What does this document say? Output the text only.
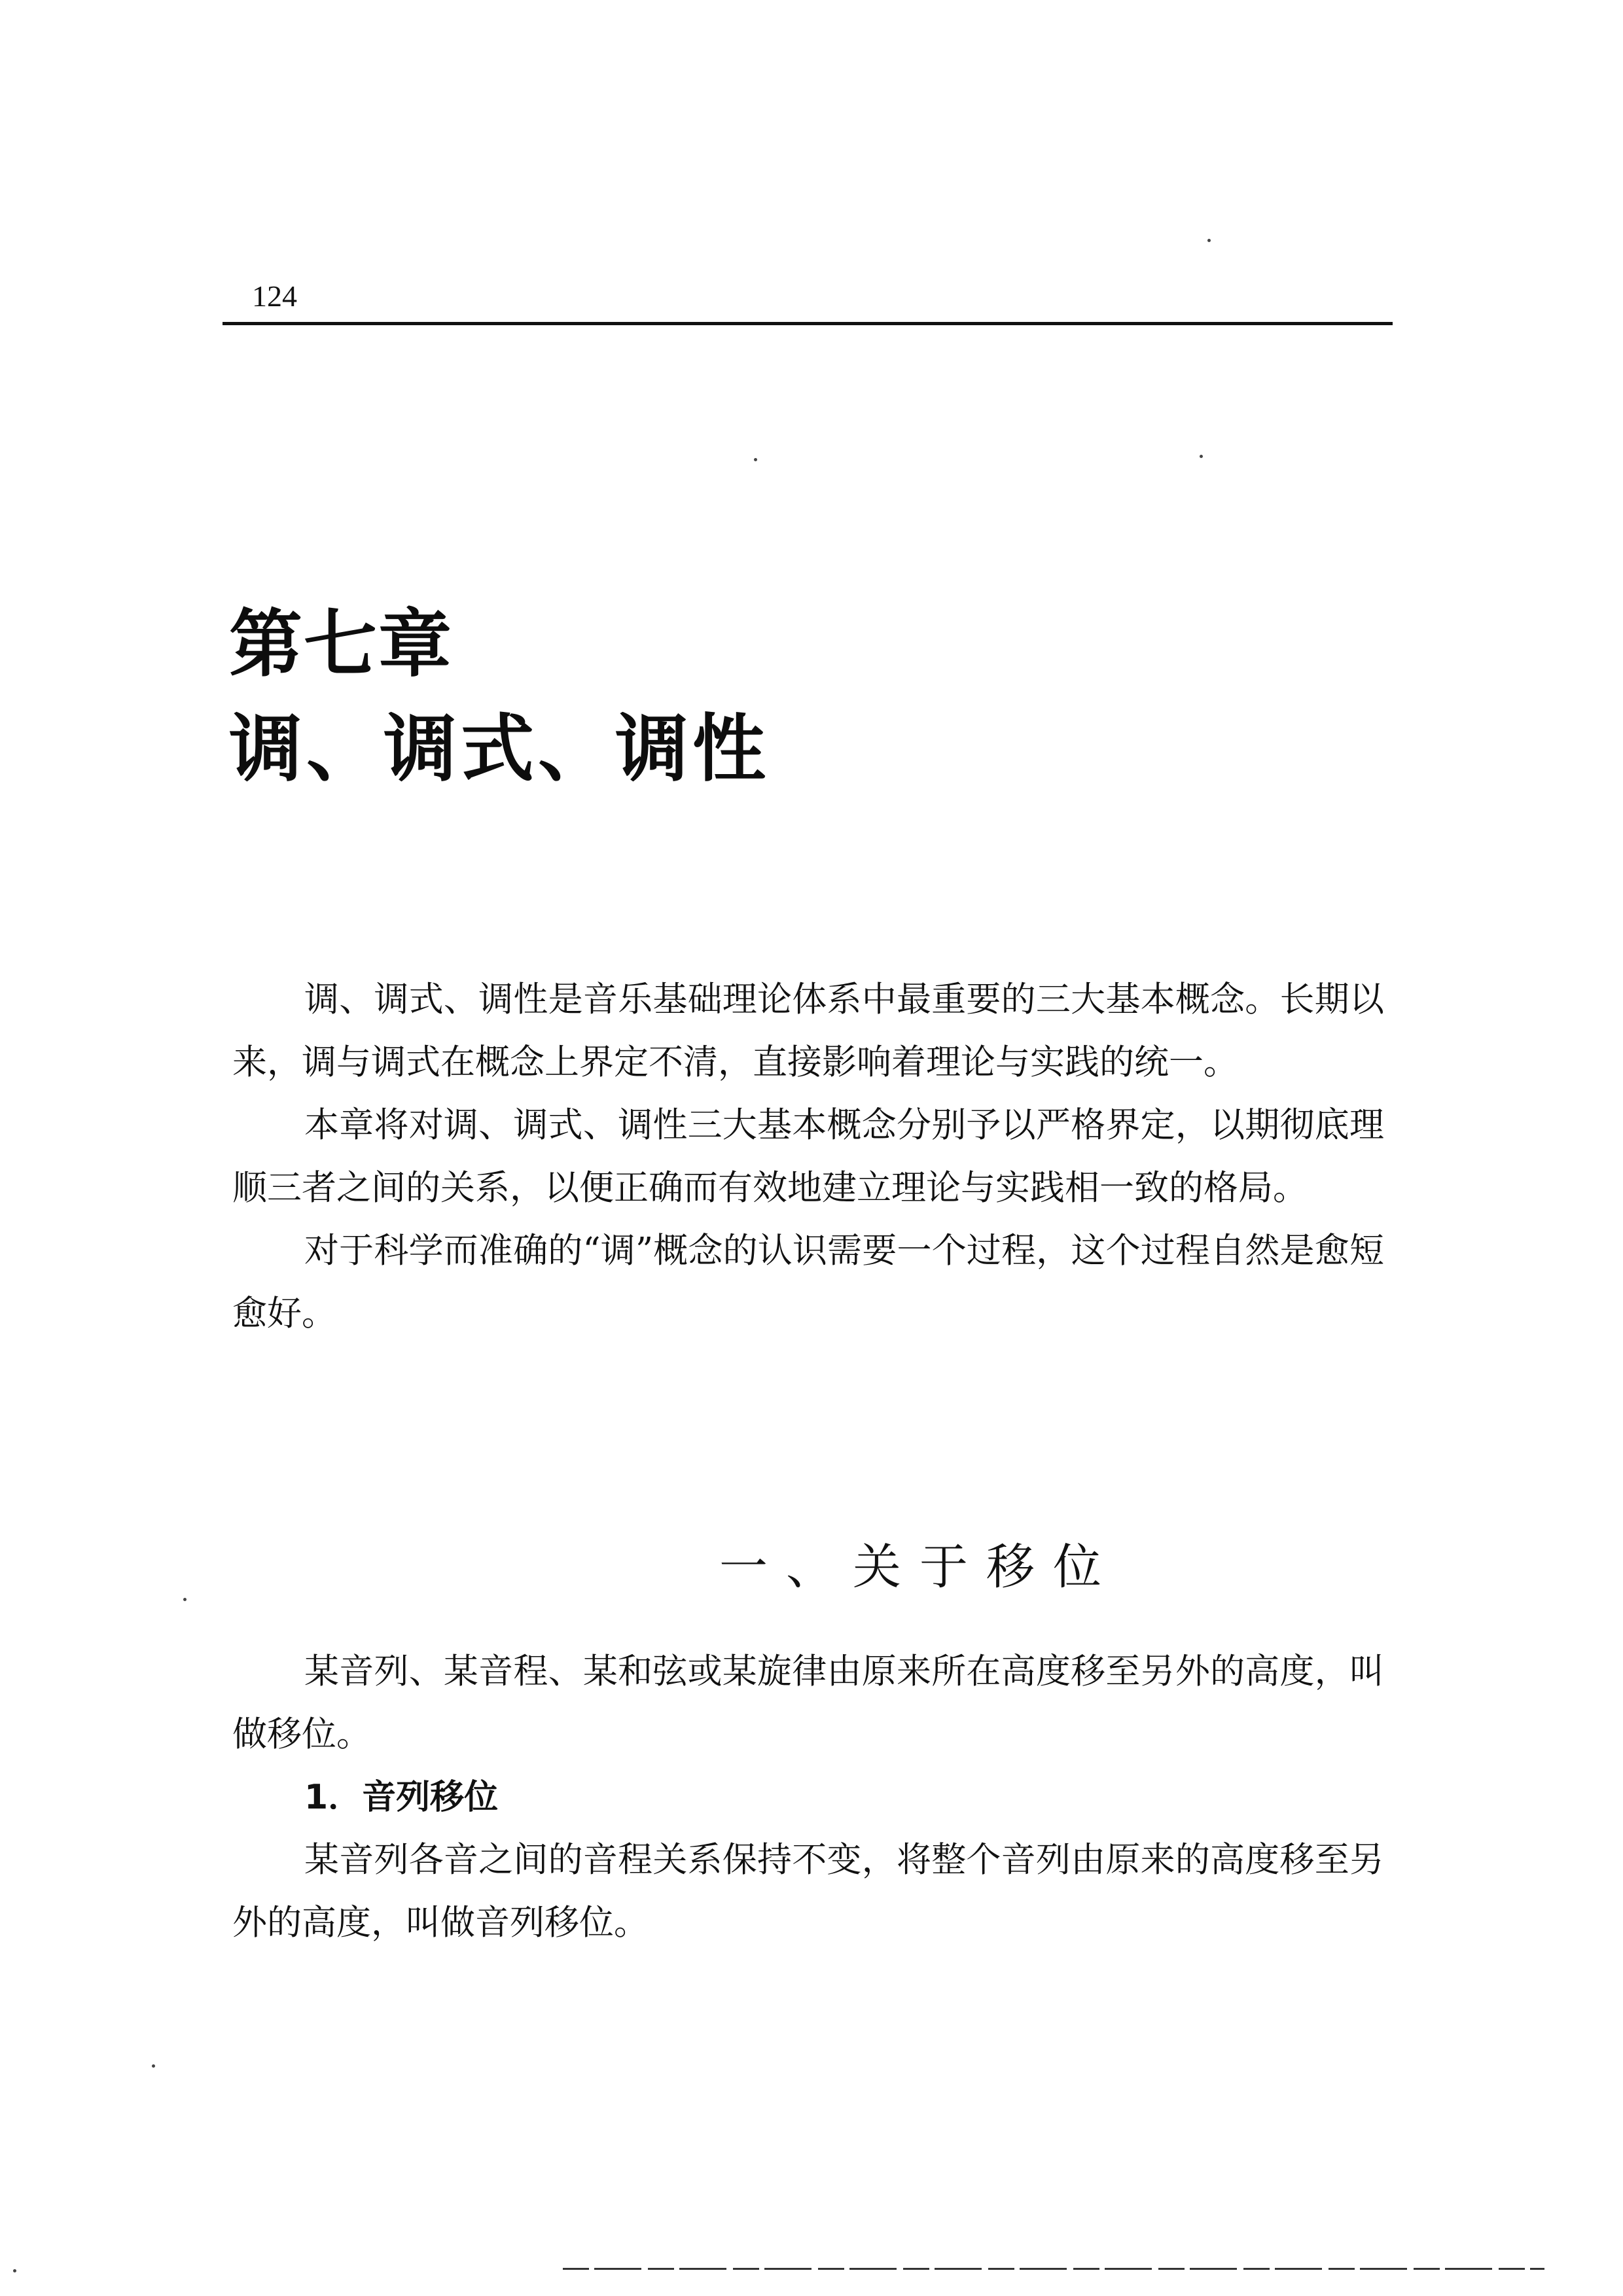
124
第七章
调、调式、调性

调、调式、调性是音乐基础理论体系中最重要的三大基本概念。长期以来，调与调式在概念上界定不清，直接影响着理论与实践的统一。

本章将对调、调式、调性三大基本概念分别予以严格界定，以期彻底理顺三者之间的关系，以便正确而有效地建立理论与实践相一致的格局。

对于科学而准确的“调”概念的认识需要一个过程，这个过程自然是愈短愈好。

一、关于移位

某音列、某音程、某和弦或某旋律由原来所在高度移至另外的高度，叫做移位。

1．音列移位

某音列各音之间的音程关系保持不变，将整个音列由原来的高度移至另外的高度，叫做音列移位。
